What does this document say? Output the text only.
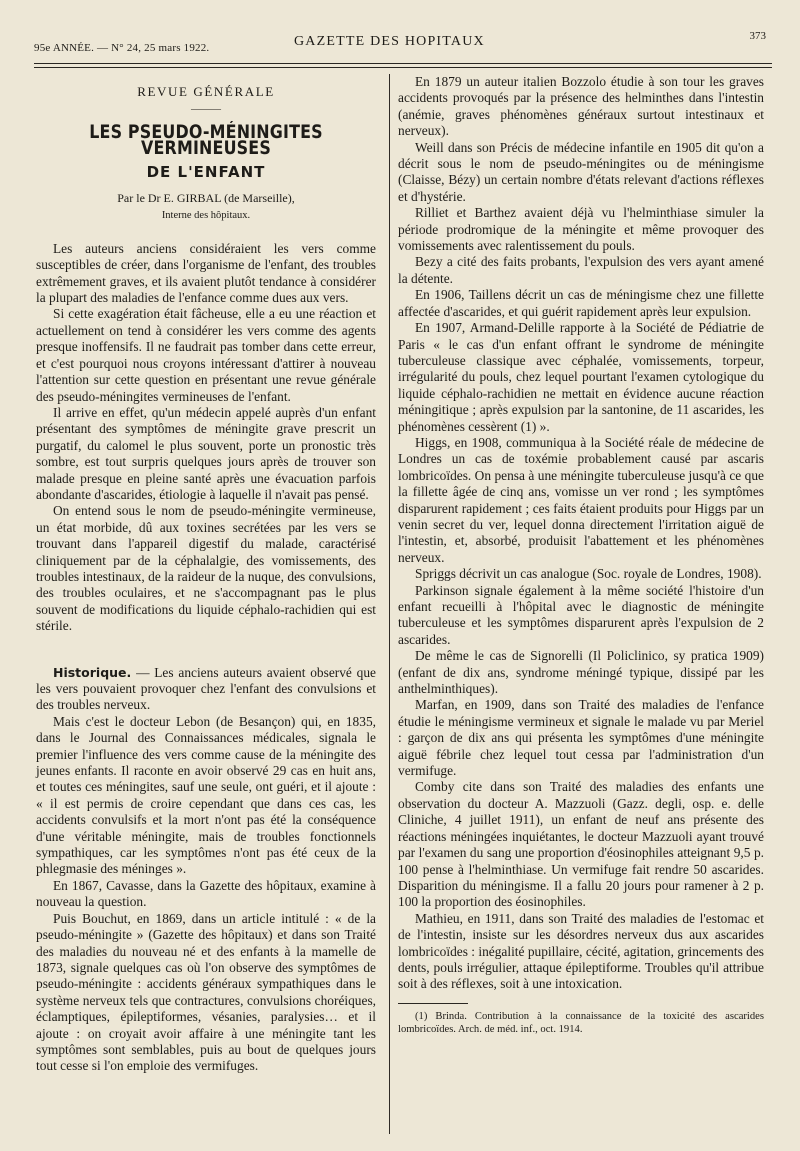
95e ANNÉE. — N° 24, 25 mars 1922.	GAZETTE DES HOPITAUX	373
REVUE GÉNÉRALE
———
LES PSEUDO-MÉNINGITES VERMINEUSES
DE L'ENFANT
Par le Dr E. GIRBAL (de Marseille),
Interne des hôpitaux.

Les auteurs anciens considéraient les vers comme susceptibles de créer, dans l'organisme de l'enfant, des troubles extrêmement graves, et ils avaient plutôt tendance à considérer la plupart des maladies de l'enfance comme dues aux vers.

Si cette exagération était fâcheuse, elle a eu une réaction et actuellement on tend à considérer les vers comme des agents presque inoffensifs. Il ne faudrait pas tomber dans cette erreur, et c'est pourquoi nous croyons intéressant d'attirer à nouveau l'attention sur cette question en présentant une revue générale des pseudo-méningites vermineuses de l'enfant.

Il arrive en effet, qu'un médecin appelé auprès d'un enfant présentant des symptômes de méningite grave prescrit un purgatif, du calomel le plus souvent, porte un pronostic très sombre, est tout surpris quelques jours après de trouver son malade presque en pleine santé après une évacuation parfois abondante d'ascarides, étiologie à laquelle il n'avait pas pensé.

On entend sous le nom de pseudo-méningite vermineuse, un état morbide, dû aux toxines secrétées par les vers se trouvant dans l'appareil digestif du malade, caractérisé cliniquement par de la céphalalgie, des vomissements, des troubles intestinaux, de la raideur de la nuque, des convulsions, des troubles oculaires, et ne s'accompagnant pas le plus souvent de modifications du liquide céphalo-rachidien qui est stérile.

Historique. — Les anciens auteurs avaient observé que les vers pouvaient provoquer chez l'enfant des convulsions et des troubles nerveux.

Mais c'est le docteur Lebon (de Besançon) qui, en 1835, dans le Journal des Connaissances médicales, signala le premier l'influence des vers comme cause de la méningite des jeunes enfants. Il raconte en avoir observé 29 cas en huit ans, et toutes ces méningites, sauf une seule, ont guéri, et il ajoute : « il est permis de croire cependant que dans ces cas, les accidents convulsifs et la mort n'ont pas été la conséquence d'une véritable méningite, mais de troubles fonctionnels sympathiques, car les symptômes n'ont pas été ceux de la phlegmasie des méninges ».

En 1867, Cavasse, dans la Gazette des hôpitaux, examine à nouveau la question.

Puis Bouchut, en 1869, dans un article intitulé : « de la pseudo-méningite » (Gazette des hôpitaux) et dans son Traité des maladies du nouveau né et des enfants à la mamelle de 1873, signale quelques cas où l'on observe des symptômes de pseudo-méningite : accidents généraux sympathiques dans le système nerveux tels que contractures, convulsions choréiques, éclamptiques, épileptiformes, vésanies, paralysies… et il ajoute : on croyait avoir affaire à une méningite tant les symptômes sont semblables, puis au bout de quelques jours tout cesse si l'on emploie des vermifuges.

En 1879 un auteur italien Bozzolo étudie à son tour les graves accidents provoqués par la présence des helminthes dans l'intestin (anémie, graves phénomènes généraux surtout intestinaux et nerveux).

Weill dans son Précis de médecine infantile en 1905 dit qu'on a décrit sous le nom de pseudo-méningites ou de méningisme (Claisse, Bézy) un certain nombre d'états relevant d'actions réflexes et d'hystérie.

Rilliet et Barthez avaient déjà vu l'helminthiase simuler la période prodromique de la méningite et même provoquer des vomissements avec ralentissement du pouls.

Bezy a cité des faits probants, l'expulsion des vers ayant amené la détente.

En 1906, Taillens décrit un cas de méningisme chez une fillette affectée d'ascarides, et qui guérit rapidement après leur expulsion.

En 1907, Armand-Delille rapporte à la Société de Pédiatrie de Paris « le cas d'un enfant offrant le syndrome de méningite tuberculeuse classique avec céphalée, vomissements, torpeur, irrégularité du pouls, chez lequel pourtant l'examen cytologique du liquide céphalo-rachidien ne mettait en évidence aucune réaction méningitique ; après expulsion par la santonine, de 11 ascarides, les phénomènes cessèrent (1) ».

Higgs, en 1908, communiqua à la Société réale de médecine de Londres un cas de toxémie probablement causé par ascaris lombricoïdes. On pensa à une méningite tuberculeuse jusqu'à ce que la fillette âgée de cinq ans, vomisse un ver rond ; les symptômes disparurent rapidement ; ces faits étaient produits pour Higgs par un venin secret du ver, lequel donna directement l'irritation aiguë de l'intestin, et, absorbé, produisit l'abattement et les phénomènes nerveux.

Spriggs décrivit un cas analogue (Soc. royale de Londres, 1908).

Parkinson signale également à la même société l'histoire d'un enfant recueilli à l'hôpital avec le diagnostic de méningite tuberculeuse et les symptômes disparurent après l'expulsion de 2 ascarides.

De même le cas de Signorelli (Il Policlinico, sy pratica 1909) (enfant de dix ans, syndrome méningé typique, dissipé par les anthelminthiques).

Marfan, en 1909, dans son Traité des maladies de l'enfance étudie le méningisme vermineux et signale le malade vu par Meriel : garçon de dix ans qui présenta les symptômes d'une méningite aiguë fébrile chez lequel tout cessa par l'administration d'un vermifuge.

Comby cite dans son Traité des maladies des enfants une observation du docteur A. Mazzuoli (Gazz. degli, osp. e. delle Cliniche, 4 juillet 1911), un enfant de neuf ans présente des réactions méningées inquiétantes, le docteur Mazzuoli ayant trouvé par l'examen du sang une proportion d'éosinophiles atteignant 9,5 p. 100 pense à l'helminthiase. Un vermifuge fait rendre 50 ascarides. Disparition du méningisme. Il a fallu 20 jours pour ramener à 2 p. 100 la proportion des éosinophiles.

Mathieu, en 1911, dans son Traité des maladies de l'estomac et de l'intestin, insiste sur les désordres nerveux dus aux ascarides lombricoïdes : inégalité pupillaire, cécité, agitation, grincements des dents, pouls irrégulier, attaque épileptiforme. Troubles qu'il attribue soit à des réflexes, soit à une intoxication.

(1) Brinda. Contribution à la connaissance de la toxicité des ascarides lombricoïdes. Arch. de méd. inf., oct. 1914.
